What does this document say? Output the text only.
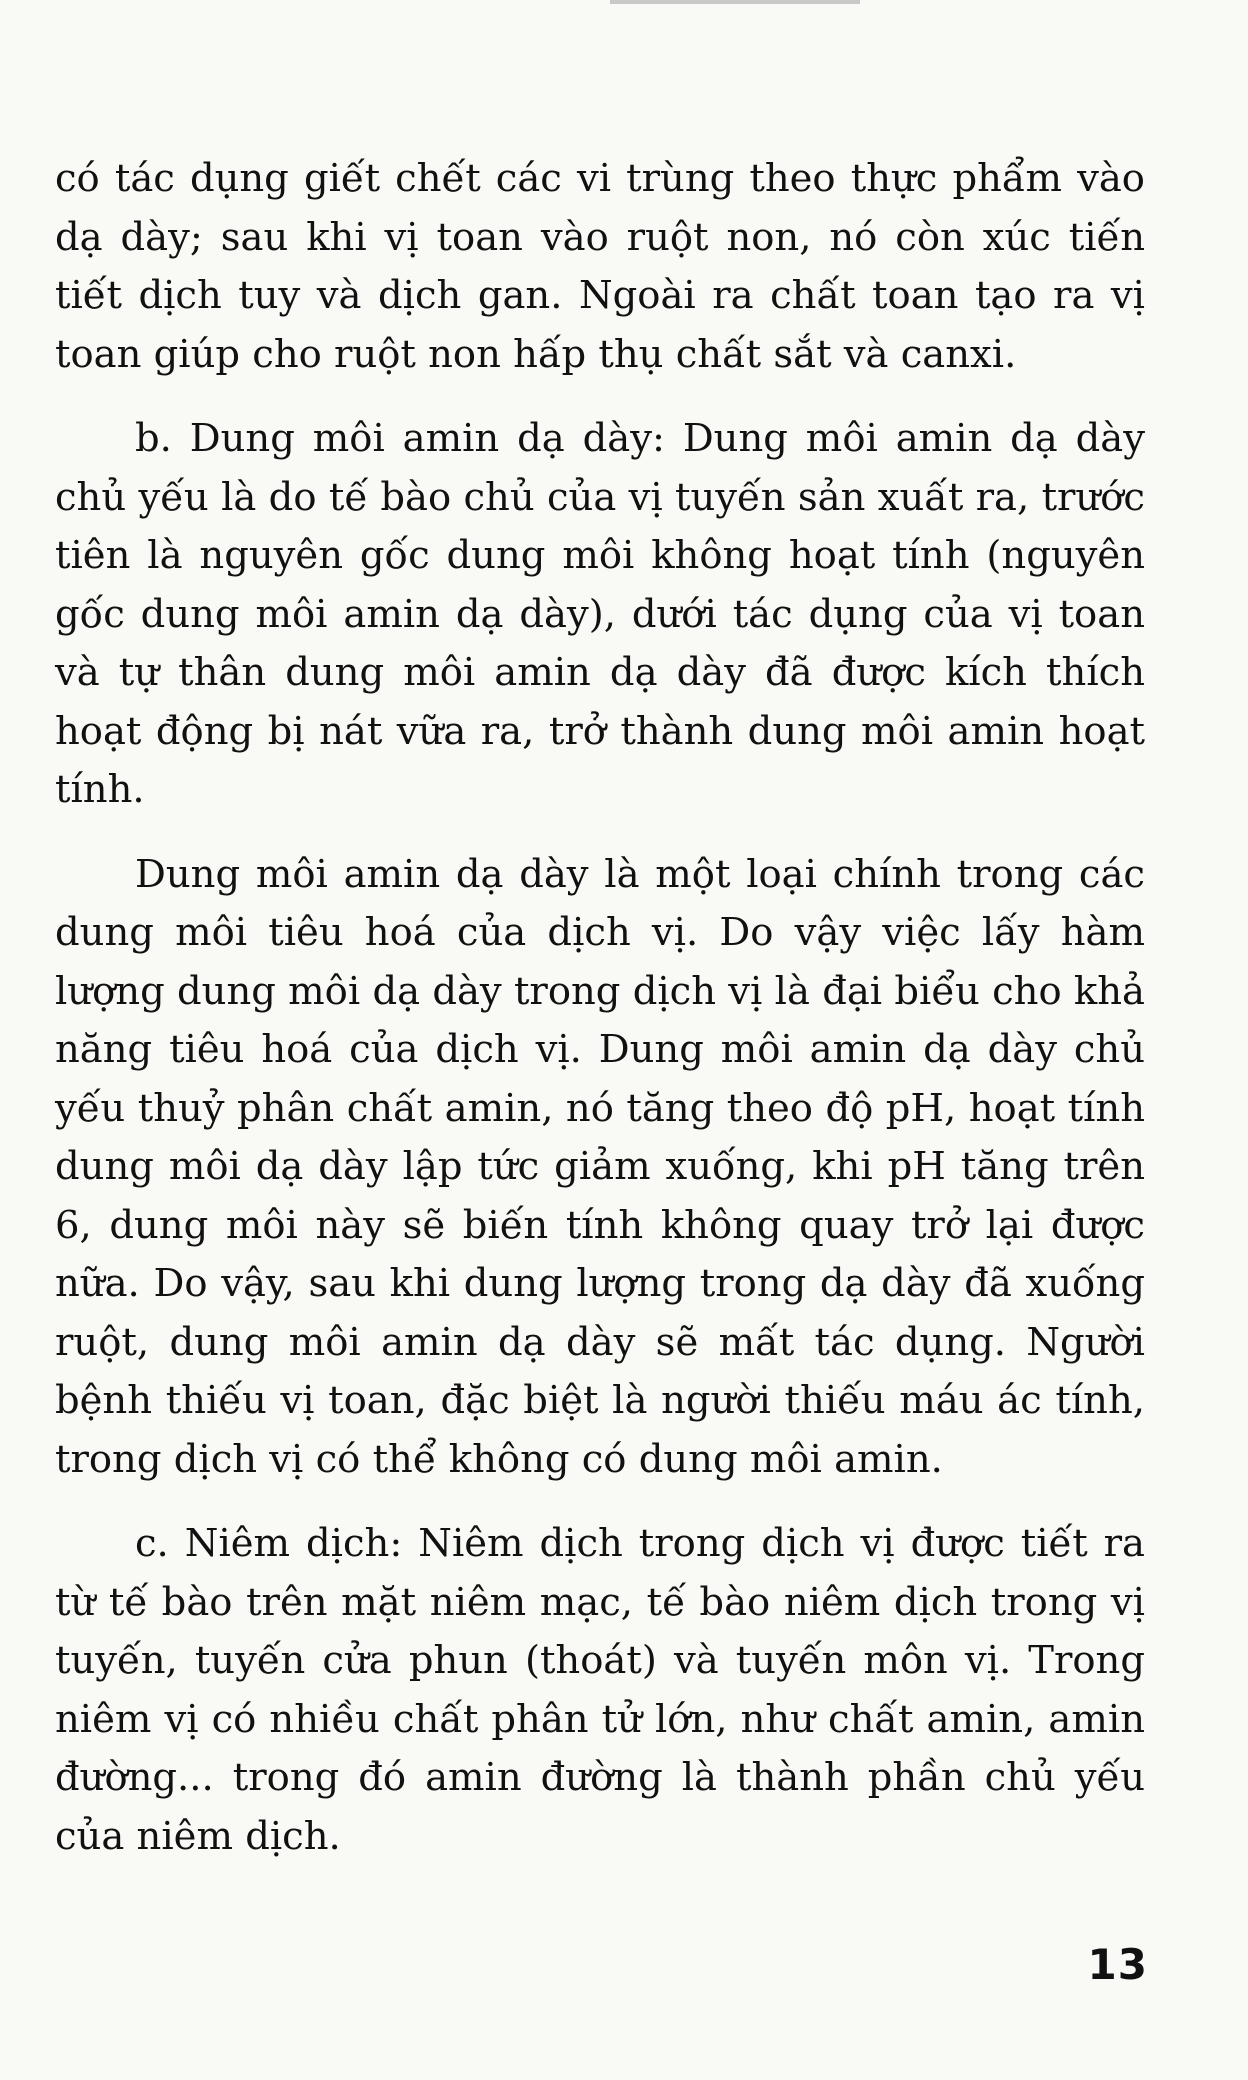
có tác dụng giết chết các vi trùng theo thực phẩm vào dạ dày; sau khi vị toan vào ruột non, nó còn xúc tiến tiết dịch tuy và dịch gan. Ngoài ra chất toan tạo ra vị toan giúp cho ruột non hấp thụ chất sắt và canxi.

b. Dung môi amin dạ dày: Dung môi amin dạ dày chủ yếu là do tế bào chủ của vị tuyến sản xuất ra, trước tiên là nguyên gốc dung môi không hoạt tính (nguyên gốc dung môi amin dạ dày), dưới tác dụng của vị toan và tự thân dung môi amin dạ dày đã được kích thích hoạt động bị nát vữa ra, trở thành dung môi amin hoạt tính.

Dung môi amin dạ dày là một loại chính trong các dung môi tiêu hoá của dịch vị. Do vậy việc lấy hàm lượng dung môi dạ dày trong dịch vị là đại biểu cho khả năng tiêu hoá của dịch vị. Dung môi amin dạ dày chủ yếu thuỷ phân chất amin, nó tăng theo độ pH, hoạt tính dung môi dạ dày lập tức giảm xuống, khi pH tăng trên 6, dung môi này sẽ biến tính không quay trở lại được nữa. Do vậy, sau khi dung lượng trong dạ dày đã xuống ruột, dung môi amin dạ dày sẽ mất tác dụng. Người bệnh thiếu vị toan, đặc biệt là người thiếu máu ác tính, trong dịch vị có thể không có dung môi amin.

c. Niêm dịch: Niêm dịch trong dịch vị được tiết ra từ tế bào trên mặt niêm mạc, tế bào niêm dịch trong vị tuyến, tuyến cửa phun (thoát) và tuyến môn vị. Trong niêm vị có nhiều chất phân tử lớn, như chất amin, amin đường... trong đó amin đường là thành phần chủ yếu của niêm dịch.

13
